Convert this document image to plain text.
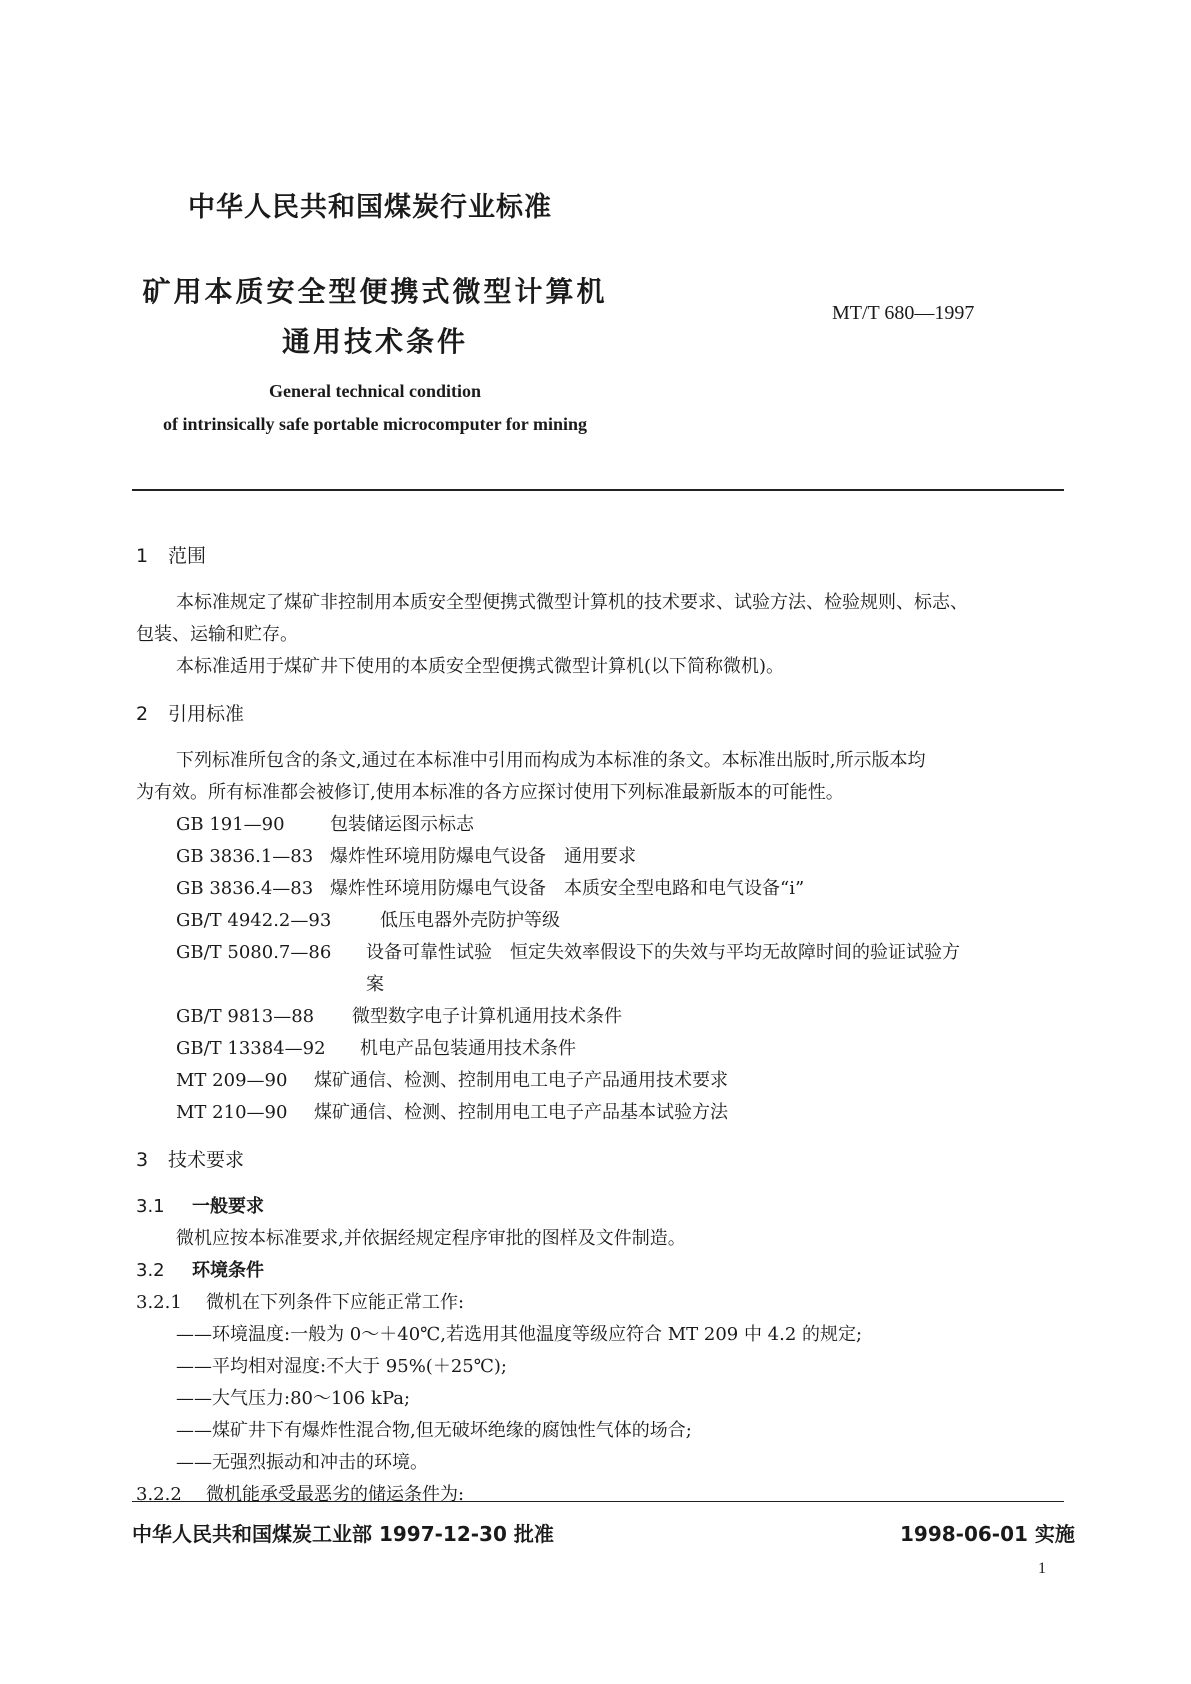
中华人民共和国煤炭行业标准
矿用本质安全型便携式微型计算机
通用技术条件
MT/T 680—1997
General technical condition
of intrinsically safe portable microcomputer for mining
1 范围
本标准规定了煤矿非控制用本质安全型便携式微型计算机的技术要求、试验方法、检验规则、标志、
包装、运输和贮存。
本标准适用于煤矿井下使用的本质安全型便携式微型计算机(以下简称微机)。
2 引用标准
下列标准所包含的条文,通过在本标准中引用而构成为本标准的条文。本标准出版时,所示版本均
为有效。所有标准都会被修订,使用本标准的各方应探讨使用下列标准最新版本的可能性。
GB 191—90	包装储运图示标志
GB 3836.1—83 爆炸性环境用防爆电气设备　通用要求
GB 3836.4—83 爆炸性环境用防爆电气设备　本质安全型电路和电气设备“i”
GB/T 4942.2—93	低压电器外壳防护等级
GB/T 5080.7—86 设备可靠性试验　恒定失效率假设下的失效与平均无故障时间的验证试验方
案
GB/T 9813—88 微型数字电子计算机通用技术条件
GB/T 13384—92 机电产品包装通用技术条件
MT 209—90 煤矿通信、检测、控制用电工电子产品通用技术要求
MT 210—90 煤矿通信、检测、控制用电工电子产品基本试验方法
3 技术要求
3.1 一般要求
微机应按本标准要求,并依据经规定程序审批的图样及文件制造。
3.2 环境条件
3.2.1 微机在下列条件下应能正常工作:
——环境温度:一般为 0～＋40℃,若选用其他温度等级应符合 MT 209 中 4.2 的规定;
——平均相对湿度:不大于 95%(＋25℃);
——大气压力:80～106 kPa;
——煤矿井下有爆炸性混合物,但无破坏绝缘的腐蚀性气体的场合;
——无强烈振动和冲击的环境。
3.2.2 微机能承受最恶劣的储运条件为:
中华人民共和国煤炭工业部 1997-12-30 批准	1998-06-01 实施
1
